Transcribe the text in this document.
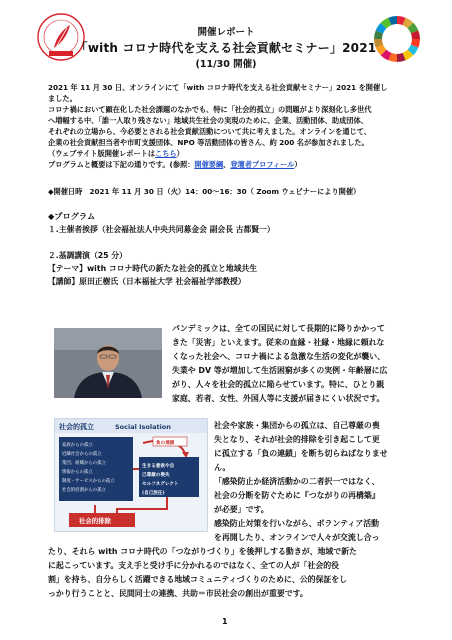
開催レポート
「with コロナ時代を支える社会貢献セミナー」2021
(11/30 開催)
2021 年 11 月 30 日、オンラインにて「with コロナ時代を支える社会貢献セミナー」2021 を開催し
ました。
コロナ禍において顕在化した社会課題のなかでも、特に「社会的孤立」の問題がより深刻化し多世代
へ増幅する中、「誰一人取り残さない」地域共生社会の実現のために、企業、活動団体、助成団体、
それぞれの立場から、今必要とされる社会貢献活動について共に考えました。オンラインを通じて、
企業の社会貢献担当者や市町支援団体、NPO 等活動団体の皆さん、約 200 名が参加されました。
（ウェブサイト版開催レポートはこちら）
プログラムと概要は下記の通りです。(参照：開催要綱、登壇者プロフィール）
◆開催日時　2021 年 11 月 30 日（火）14：00～16：30（ Zoom ウェビナーにより開催）
◆プログラム
１.主催者挨拶（社会福祉法人中央共同募金会 副会長 古都賢一）
２.基調講演（25 分）
【テーマ】with コロナ時代の新たな社会的孤立と地域共生
【講師】原田正樹氏（日本福祉大学 社会福祉学部教授）
パンデミックは、全ての国民に対して長期的に降りかかって
きた「災害」といえます。従来の血縁・社縁・地縁に頼れな
くなった社会へ、コロナ禍による急激な生活の変化が襲い、
失業や DV 等が増加して生活困窮が多くの実例・年齢層に広
がり、人々を社会的孤立に陥らせています。特に、ひとり親
家庭、若者、女性、外国人等に支援が届きにくい状況です。
社会的孤立	Social Isolation
家族からの孤立
近隣社会からの孤立
集団、組織からの孤立
情報からの孤立
制度・サービスからの孤立
社会的役割からの孤立
負の連鎖
生きる意欲や自
己尊厳の喪失
セルフネグレクト
(自己放任)
社会的排除
社会や家族・集団からの孤立は、自己尊厳の喪
失となり、それが社会的排除を引き起こして更
に孤立する「負の連鎖」を断ち切らねばなりませ
ん。
「感染防止か経済活動かの二者択一ではなく、
社会の分断を防ぐために『つながりの再構築』
が必要」です。
感染防止対策を行いながら、ボランティア活動
を再開したり、オンラインで人々が交流し合っ
たり、それら with コロナ時代の「つながりづくり」を後押しする動きが、地域で新た
に起こっています。支え手と受け手に分かれるのではなく、全ての人が「社会的役
割」を持ち、自分らしく活躍できる地域コミュニティづくりのために、公的保証をし
っかり行うことと、民間同士の連携、共助＝市民社会の創出が重要です。
1
